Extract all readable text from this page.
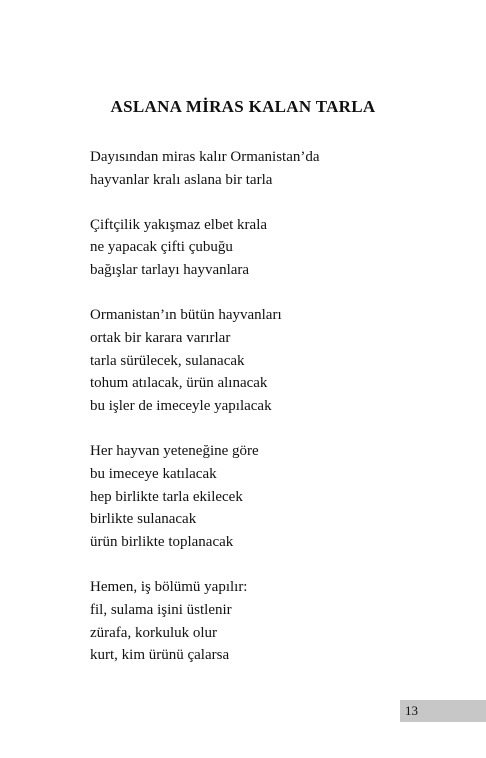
ASLANA MİRAS KALAN TARLA
Dayısından miras kalır Ormanistan’da
hayvanlar kralı aslana bir tarla
Çiftçilik yakışmaz elbet krala
ne yapacak çifti çubuğu
bağışlar tarlayı hayvanlara
Ormanistan’ın bütün hayvanları
ortak bir karara varırlar
tarla sürülecek, sulanacak
tohum atılacak, ürün alınacak
bu işler de imeceyle yapılacak
Her hayvan yeteneğine göre
bu imeceye katılacak
hep birlikte tarla ekilecek
birlikte sulanacak
ürün birlikte toplanacak
Hemen, iş bölümü yapılır:
fil, sulama işini üstlenir
zürafa, korkuluk olur
kurt, kim ürünü çalarsa
13
